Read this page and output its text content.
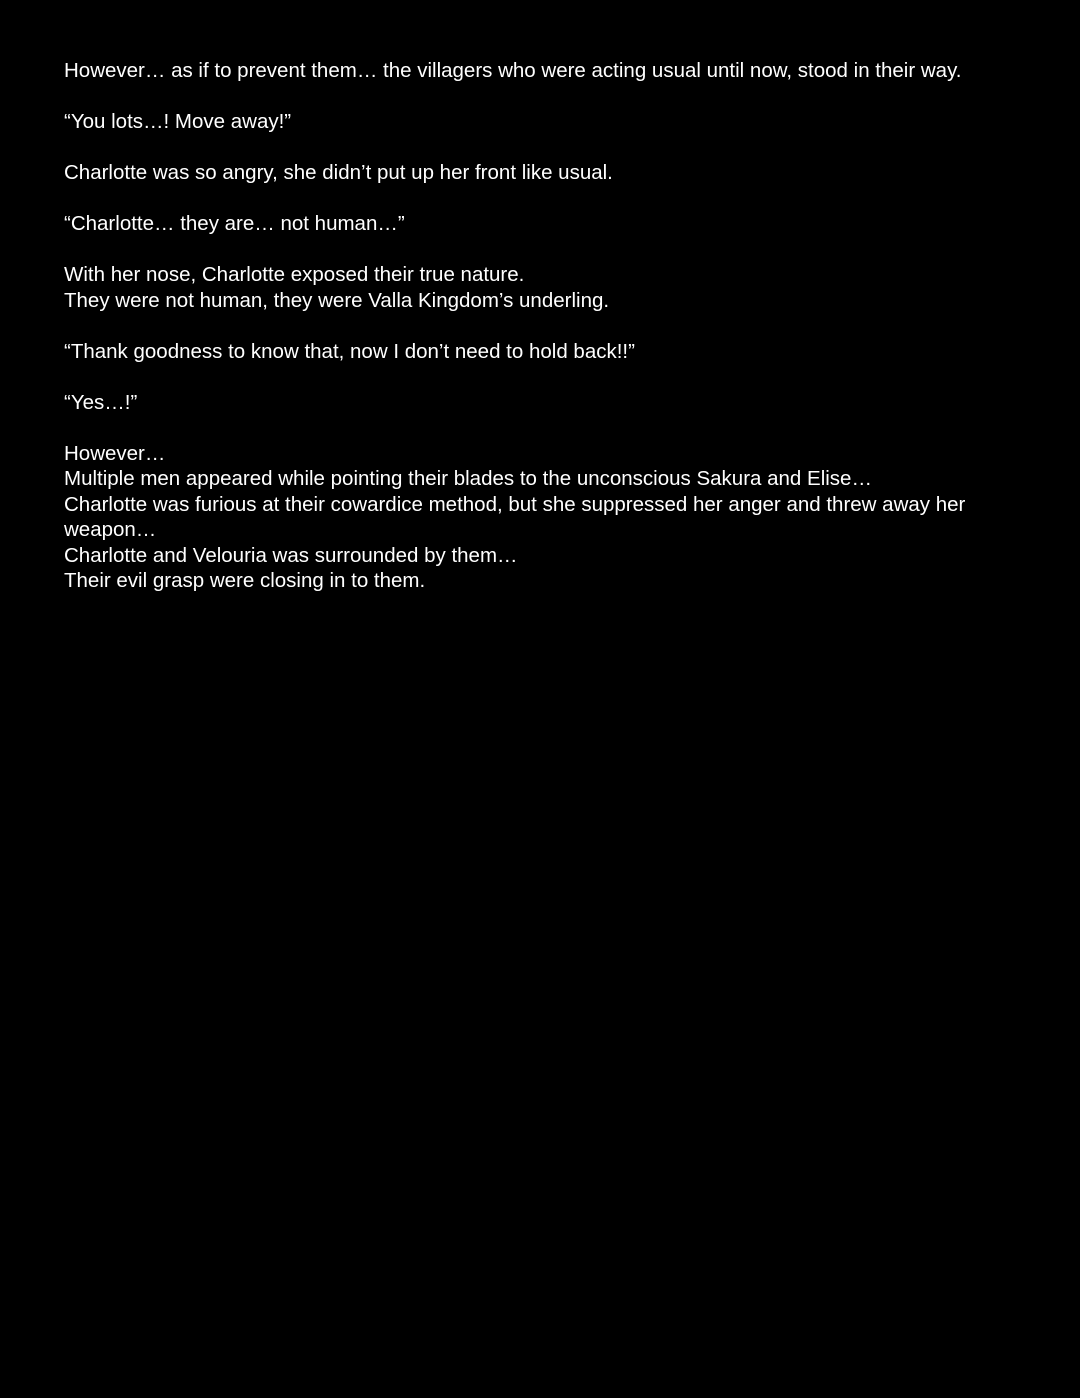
However… as if to prevent them… the villagers who were acting usual until now, stood in their way.

“You lots…! Move away!”

Charlotte was so angry, she didn’t put up her front like usual.

“Charlotte… they are… not human…”

With her nose, Charlotte exposed their true nature.
They were not human, they were Valla Kingdom’s underling.

“Thank goodness to know that, now I don’t need to hold back!!”

“Yes…!”

However…
Multiple men appeared while pointing their blades to the unconscious Sakura and Elise…
Charlotte was furious at their cowardice method, but she suppressed her anger and threw away her weapon…
Charlotte and Velouria was surrounded by them…
Their evil grasp were closing in to them.
